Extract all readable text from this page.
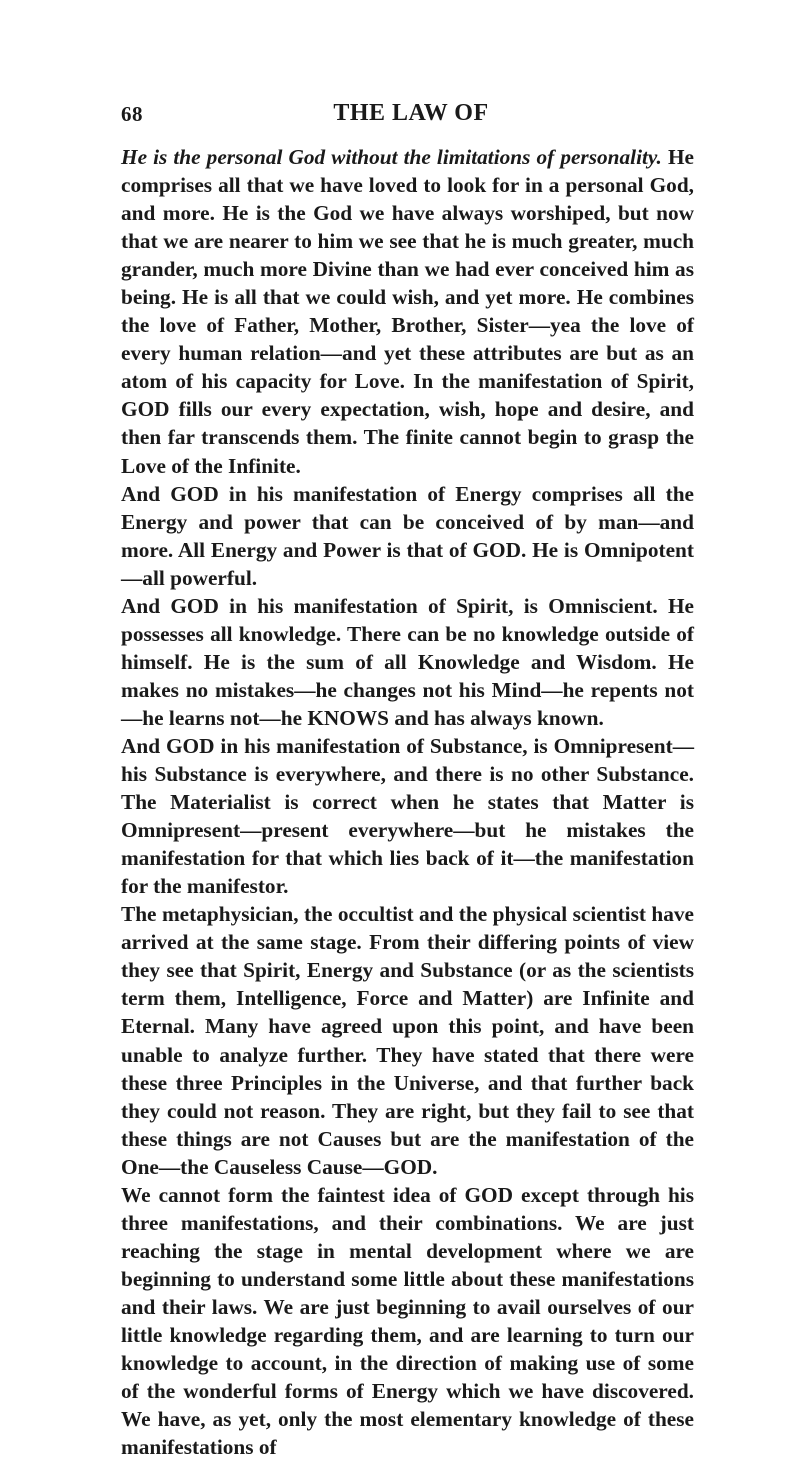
68	THE LAW OF

He is the personal God without the limitations of personality. He comprises all that we have loved to look for in a personal God, and more. He is the God we have always worshiped, but now that we are nearer to him we see that he is much greater, much grander, much more Divine than we had ever conceived him as being. He is all that we could wish, and yet more. He combines the love of Father, Mother, Brother, Sister—yea the love of every human relation—and yet these attributes are but as an atom of his capacity for Love. In the manifestation of Spirit, GOD fills our every expectation, wish, hope and desire, and then far transcends them. The finite cannot begin to grasp the Love of the Infinite.

And GOD in his manifestation of Energy comprises all the Energy and power that can be conceived of by man—and more. All Energy and Power is that of GOD. He is Omnipotent—all powerful.

And GOD in his manifestation of Spirit, is Omniscient. He possesses all knowledge. There can be no knowledge outside of himself. He is the sum of all Knowledge and Wisdom. He makes no mistakes—he changes not his Mind—he repents not—he learns not—he KNOWS and has always known.

And GOD in his manifestation of Substance, is Omnipresent—his Substance is everywhere, and there is no other Substance. The Materialist is correct when he states that Matter is Omnipresent—present everywhere—but he mistakes the manifestation for that which lies back of it—the manifestation for the manifestor.

The metaphysician, the occultist and the physical scientist have arrived at the same stage. From their differing points of view they see that Spirit, Energy and Substance (or as the scientists term them, Intelligence, Force and Matter) are Infinite and Eternal. Many have agreed upon this point, and have been unable to analyze further. They have stated that there were these three Principles in the Universe, and that further back they could not reason. They are right, but they fail to see that these things are not Causes but are the manifestation of the One—the Causeless Cause—GOD.

We cannot form the faintest idea of GOD except through his three manifestations, and their combinations. We are just reaching the stage in mental development where we are beginning to understand some little about these manifestations and their laws. We are just beginning to avail ourselves of our little knowledge regarding them, and are learning to turn our knowledge to account, in the direction of making use of some of the wonderful forms of Energy which we have discovered. We have, as yet, only the most elementary knowledge of these manifestations of
